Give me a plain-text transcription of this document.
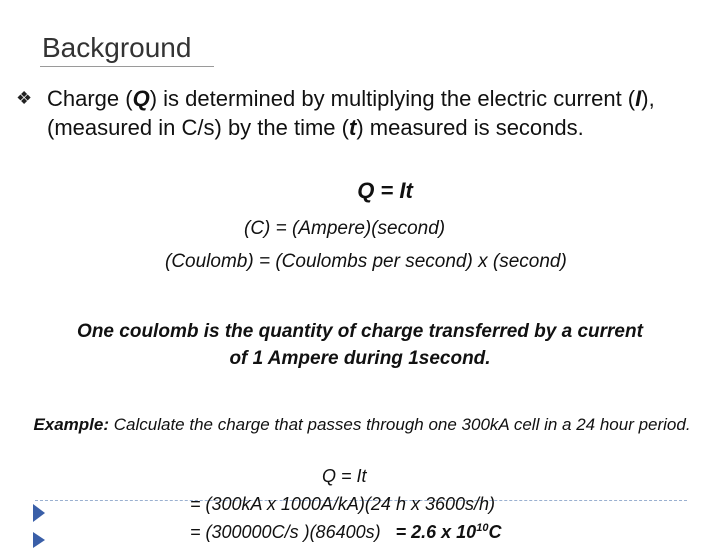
Background
❖ Charge (Q) is determined by multiplying the electric current (I), (measured in C/s) by the time (t) measured is seconds.
Q = It
(C) = (Ampere)(second)
(Coulomb) = (Coulombs per second) x (second)
One coulomb is the quantity of charge transferred by a current
of 1 Ampere during 1second.
Example: Calculate the charge that passes through one 300kA cell in a 24 hour period.
Q = It
= (300kA x 1000A/kA)(24 h x 3600s/h)
= (300000C/s )(86400s) = 2.6 x $10^{10}C$
